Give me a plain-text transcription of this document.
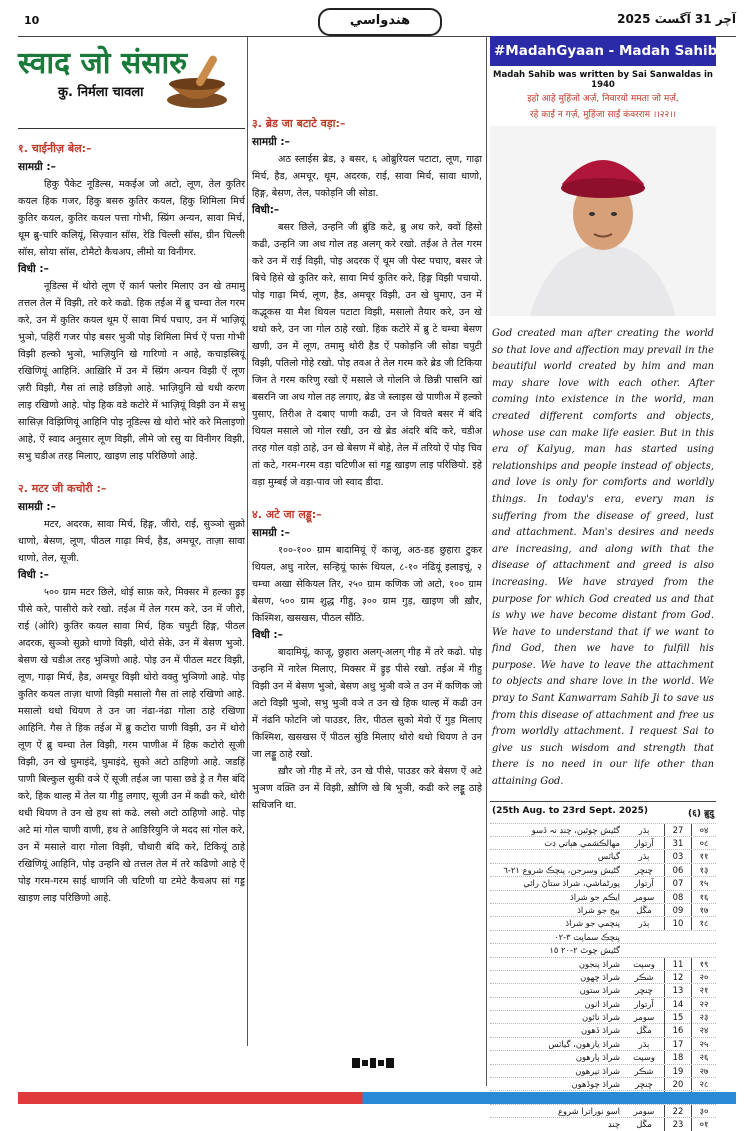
10	هندواسي	آچر 31 آگسٽ 2025
स्वाद जो संसारु
कु. निर्मला चावला
१. चाईनीज़ बेल:–
सामग्री :–

हिकु पैकेट नूडिल्स, मकईअ जो अटो, लूण, तेल कुतिर कयल हिक गजर, हिकु बसरु कुतिर कयल, हिकु शिमिला मिर्च कुतिर कयल, कुतिर कयल पत्ता गोभी, स्प्रिंग अन्यन, सावा मिर्च, थूम ब्रु-चारि कलियूं, सिज़्वान सॉस, रेडि चिल्ली सॉस, ग्रीन चिल्ली सॉस, सोया सॉस, टोमैटो कैचअप, लीमो या विनीगर.

विधी :–

नूडिल्स में थोरो लूण ऐं कार्न फ्लोर मिलाए उन खे तमामु तत्तल तेल में विझी, तरे करे कढो. हिक तईअ में ब्रु चम्चा तेल गरम करे, उन में कुतिर कयल थूम ऐं सावा मिर्च पचाए, उन में भाज़ियूं भुञो, पहिरीं गजर पोइ बसर भुञी पोइ शिमिला मिर्च ऐं पत्ता गोभी विझी हल्को भुञो, भाज़ियुनि खे गारिणो न आहे, कचाइस्त्रियूं रखिणियूं आहिनि. आख़िरि में उन में स्प्रिंग अन्यन विझी ऐं लूण ज़री विझी, गैस तां लाहे छडिज़ो आहे. भाज़ियुनि खे थधी करण लाइ रखिणो आहे. पोइ हिक वडे कटोरे में भाज़ियूं विझी उन में सभु सासिज़ विझिणियूं आहिनि पोइ नूडिल्स खे थोरो भोरे करे मिलाइणो आहे, ऐं स्वाद अनुसार लूण विझी, लीमे जो रसु या विनीगर विझी, सभु चडीअ तरह मिलाए, खाइण लाइ परिछिणो आहे.

२. मटर जी कचोरी :–
सामग्री :–

मटर, अदरक, सावा मिर्च, हिङ्ग, जीरो, राई, सुञ्ञो सुक्रो धाणो, बेसण, लूण, पीठल गाढ़ा मिर्च, हैड, अमचूर, ताज़ा सावा धाणो, तेल, सूजी.

विधी :–

५०० ग्राम मटर छिले, धोई साफ़ करे, मिक्सर में हल्का ड्रुइ पीसे करे, पासीरो करे रखो. तईअ में तेल गरम करे, उन में जीरो, राई (ओरि) कुतिर कयल सावा मिर्च, हिक चपुटी हिङ्ग, पीठल अदरक, सुञ्ञो सुक्रो धाणो विझी, थोरो सेके, उन में बेसण भुञो. बेसण खे चडीअ तरह भुञिणो आहे. पोइ उन में पीठल मटर विझी, लूण, गाढ़ा मिर्च, हैड, अमचूर विझी थोरो वक्तु भुञिणो आहे. पोइ कुतिर कयल ताज़ा धाणो विझी मसालो गैस तां लाहे रखिणो आहे. मसालो थधो थियण ते उन जा नंढा-नंढा गोला ठाहे रखिणा आहिनि. गैस ते हिक तईअ में ब्रु कटोरा पाणी विझी, उन में थोरो लूण ऐं ब्रु चम्चा तेल विझी, गरम पाणीअ में हिक कटोरो सूजी विझी, उन खे घुमाइंदे, घुमाइंदे, सुको अटो ठाहिणो आहे. जडहिं पाणी बिल्कुल सुकी वञे ऐं सूजी तईअ जा पासा छडे ड्रे त गैस बंदि करे, हिक थाल्ह में तेल या गीहु लगाए, सूजी उन में कढी करे, थोरी थधी थियण ते उन खे हथ सां कढे. लसो अटो ठाहिणो आहे. पोइ अटे मां गोल चाणी वाणी, हथ ते आङिरियुनि जे मदद सां गोल करे, उन में मसाले वारा गोला विझी, चौधारी बंदि करे, टिकियूं ठाहे रखिणियूं आहिनि, पोइ उन्हनि खे तत्तल तेल में तरे कढिणो आहे ऐं पोइ गरम-गरम साई धाणनि जी चटिणी या टमेटे कैचअप सां गड्ड खाइण लाइ परिछिणो आहे.

३. ब्रेड जा बटाटे वड़ा:–
सामग्री :–

अठ स्लाईस ब्रेड, ३ बसर, ६ ओब्रुरियल पटाटा, लूण, गाढ़ा मिर्च, हैड, अमचूर, थूम, अदरक, राई, सावा मिर्च, सावा धाणो, हिङ्ग, बेसण, तेल, पकोड़नि जी सोडा.

विधी:–

बसर छिले, उन्हनि जी ब्रुंडि कटे, ब्रु अध करे, क्वों हिसो कढी, उन्हनि जा अध गोल तह अलग् करे रखो. तईअ ते तेल गरम करे उन में राई विझी, पोइ अदरक ऐं थूम जी पेस्ट पचाए, बसर जे बिचे हिसे खे कुतिर करे, सावा मिर्च कुतिर करे, हिङ्ग विझी पचायो. पोइ गाढ़ा मिर्च, लूण, हैड, अमचूर विझी, उन खे घुमाए, उन में कद्भूकस या मैश थियल पटाटा विझी, मसालो तैयार करे, उन खे थधो करे, उन जा गोल ठाहे रखो. हिक कटोरे में ब्रु टे चम्चा बेसण खणी, उन में लूण, तमामु थोरी हैड ऐं पकोड़नि जी सोडा चपुटी विझी, पतिलो गोहे रखो. पोइ तवअ ते तेल गरम करे ब्रेड जी टिकिया जिन ते गरम करिणु रखो ऐं मसाले जे गोलनि जे छिन्नी पासनि खां बसरनि जा अध गोल तह लगाए, ब्रेड जे स्लाइस खे पाणीअ में हल्को पुसाए, तिरीअ ते दबाए पाणी कढी, उन जे विचते बसर में बंदि थियल मसाले जो गोल रखी, उन खे ब्रेड अंदरि बंदि करे, चडीअ तरह गोल वड़ो ठाहे, उन खे बेसण में बोहे, तेल में तरियो ऐं पोइ चिव तां कटे, गरम-गरम वड़ा चटिणीअ सां गड्ड खाइण लाइ परिछियो. इहे वड़ा मुम्बई जे वड़ा-पाव जो स्वाद डीदा.

४. अटे जा लड्डू:–
सामग्री :–

१००-१०० ग्राम बादामियूं ऐं काजू, अठ-डह छुहारा टुकर थियल, अधु नारेल, सन्हियूं फारूं थियल, ८-१० नंढियूं इलाइचूं, २ चम्चा अखा सेकियल तिर, २५० ग्राम कणिक जो अटो, १०० ग्राम बेसण, ५०० ग्राम शुद्ध गीहु, ३०० ग्राम गुड़, खाइण जी ख़ौर, किश्मिश, खसखस, पीठल सौंठि.

विधी :–

बादामियूं, काजू, छुहारा अलग्-अलग् गीह में तरे कढो. पोइ उन्हनि में नारेल मिलाए, मिक्सर में ड्रुइ पीसे रखो. तईअ में गीहु विझी उन में बेसण भुञो, बेसण अधु भुञी वञे त उन में कणिक जो अटो विझी भुञो, सभु भुञी वञे त उन खे हिक थाल्ह में कढी उन में नंढनि फोटनि जो पाउडर, तिर, पीठल सुको मेवो ऐं गुड़ मिलाए किश्मिश, खसखस ऐं पीठल सुंडि मिलाए थोरो थधो थियण ते उन जा लड्डू ठाहे रखो.

ख़ौर जो गीह में तरे, उन खे पीसे, पाउडर करे बेसण ऐं अटे भुञण वक़्ति उन में विझी, ख़ौणि खे बि भुञी, कढी करे लड्डू ठाहे सधिजनि था.

#MadahGyaan - Madah Sahib Arth
Madah Sahib was written by Sai Sanwaldas in 1940
इहो आहे मुहिंजो अर्ज़, निवारयो ममता जो मर्ज़,
रहे काई न गर्ज़, मुहिंजा साईं कंवरराम ।।२२।।
God created man after creating the world so that love and affection may prevail in the beautiful world created by him and man may share love with each other. After coming into existence in the world, man created different comforts and objects, whose use can make life easier. But in this era of Kalyug, man has started using relationships and people instead of objects, and love is only for comforts and worldly things. In today's era, every man is suffering from the disease of greed, lust and attachment. Man's desires and needs are increasing, and along with that the disease of attachment and greed is also increasing. We have strayed from the purpose for which God created us and that is why we have become distant from God. We have to understand that if we want to find God, then we have to fulfill his purpose. We have to leave the attachment to objects and share love in the world. We pray to Sant Kanwarram Sahib Ji to save us from this disease of attachment and free us from worldly attachment. I request Sai to give us such wisdom and strength that there is no need in our life other than attaining God.
(25th Aug. to 23rd Sept. 2025)	(६) ब्रुदु
گڻيش چوٿين، چنڊ نہ ڏسو	ٻڌر	27	०४
مهالڪشمي هٻاتي ڊٺ	آرتوار	31	०८
گياٽس	ٻڌر	03	११
گڻيش وسرجن، پنچڪ شروع ٢١-٦	ڇنڇر	06	१३
پورڻماشي، شراڌ ستاڻ رائي	آرتوار	07	१५
ايڪم جو شراڌ	سومر	08	१६
ٻيج جو شراڌ	مڱل	09	१७
پنچمي جو شراڌ	ٻڌر	10	१८
پنچڪ سماپت ٣-٠٢
گڻيش چوٿ ٢-٢٠ ١٥
شراڌ پنجون	وسپت	11	१९
شراڌ ڇهون	شڪر	12	२०
شراڌ ستون	ڇنڇر	13	२१
شراڌ اٺون	آرتوار	14	२२
شراڌ نائون	سومر	15	२३
شراڌ ڏهون	مڱل	16	२४
شراڌ يارهون، گياٽس	ٻڌر	17	२५
شراڌ ٻارهون	وسپت	18	२६
شراڌ تيرهون	شڪر	19	२७
شراڌ چوڏهون	ڇنڇر	20	२८
اسو نوراترا شروع	سومر	22	३०
چنڊ	مڱل	23	०१
